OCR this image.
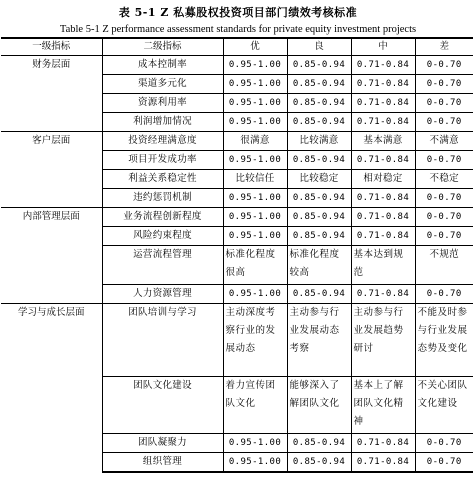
表 5-1 Z 私募股权投资项目部门绩效考核标准
Table 5-1 Z performance assessment standards for private equity investment projects
一级指标	二级指标	优	良	中	差
财务层面	成本控制率	0.95-1.00	0.85-0.94	0.71-0.84	0-0.70
	渠道多元化	0.95-1.00	0.85-0.94	0.71-0.84	0-0.70
	资源利用率	0.95-1.00	0.85-0.94	0.71-0.84	0-0.70
	利润增加情况	0.95-1.00	0.85-0.94	0.71-0.84	0-0.70
客户层面	投资经理满意度	很满意	比较满意	基本满意	不满意
	项目开发成功率	0.95-1.00	0.85-0.94	0.71-0.84	0-0.70
	利益关系稳定性	比较信任	比较稳定	相对稳定	不稳定
	违约惩罚机制	0.95-1.00	0.85-0.94	0.71-0.84	0-0.70
内部管理层面	业务流程创新程度	0.95-1.00	0.85-0.94	0.71-0.84	0-0.70
	风险约束程度	0.95-1.00	0.85-0.94	0.71-0.84	0-0.70
	运营流程管理	标准化程度很高	标准化程度较高	基本达到规范	不规范
	人力资源管理	0.95-1.00	0.85-0.94	0.71-0.84	0-0.70
学习与成长层面	团队培训与学习	主动深度考察行业的发展动态	主动参与行业发展动态考察	主动参与行业发展趋势研讨	不能及时参与行业发展态势及变化
	团队文化建设	着力宣传团队文化	能够深入了解团队文化	基本上了解团队文化精神	不关心团队文化建设
	团队凝聚力	0.95-1.00	0.85-0.94	0.71-0.84	0-0.70
	组织管理	0.95-1.00	0.85-0.94	0.71-0.84	0-0.70
